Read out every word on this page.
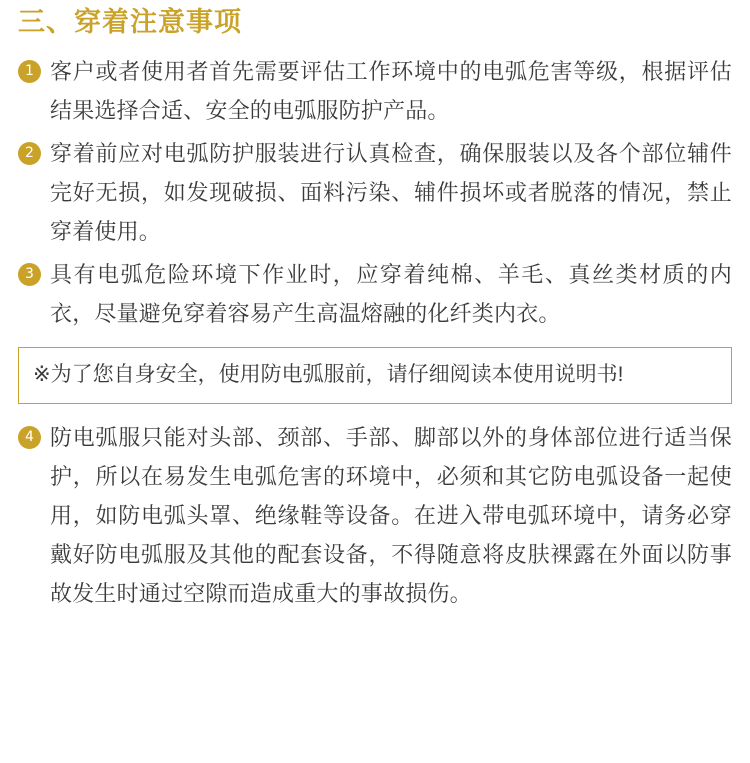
三、穿着注意事项
1 客户或者使用者首先需要评估工作环境中的电弧危害等级，根据评估结果选择合适、安全的电弧服防护产品。
2 穿着前应对电弧防护服装进行认真检查，确保服装以及各个部位辅件完好无损，如发现破损、面料污染、辅件损坏或者脱落的情况，禁止穿着使用。
3 具有电弧危险环境下作业时，应穿着纯棉、羊毛、真丝类材质的内衣，尽量避免穿着容易产生高温熔融的化纤类内衣。
※为了您自身安全，使用防电弧服前，请仔细阅读本使用说明书!
4 防电弧服只能对头部、颈部、手部、脚部以外的身体部位进行适当保护，所以在易发生电弧危害的环境中，必须和其它防电弧设备一起使用，如防电弧头罩、绝缘鞋等设备。在进入带电弧环境中，请务必穿戴好防电弧服及其他的配套设备，不得随意将皮肤裸露在外面以防事故发生时通过空隙而造成重大的事故损伤。
